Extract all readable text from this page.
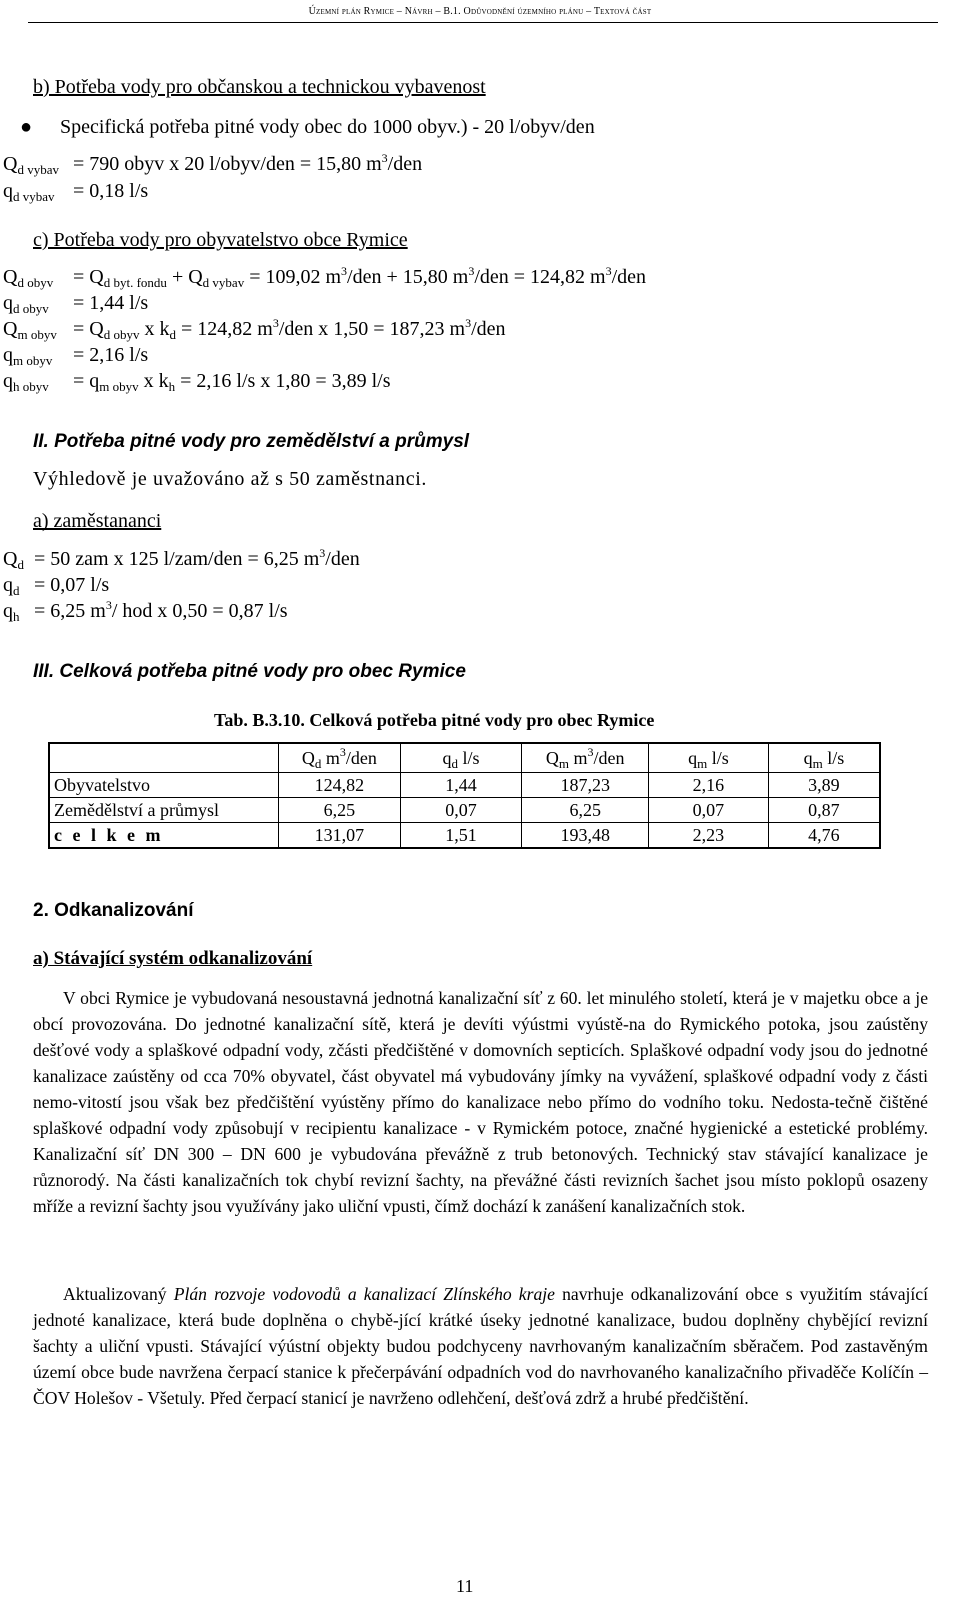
Územní plán Rymice – Návrh – B.1. Odůvodnění územního plánu – Textová část
b) Potřeba vody pro občanskou a technickou vybavenost
● Specifická potřeba pitné vody obec do 1000 obyv.) - 20 l/obyv/den
$Q_{d vybav} = 790$ obyv x 20 l/obyv/den = 15,80 $m^3$/den
$q_{d vybav} = 0,18$ l/s
c) Potřeba vody pro obyvatelstvo obce Rymice
$Q_{d obyv} = Q_{d byt. fondu} + Q_{d vybav} = 109,02$ $m^3$/den + 15,80 $m^3$/den = 124,82 $m^3$/den
$q_{d obyv} = 1,44$ l/s
$Q_{m obyv} = Q_{d obyv}$ x $k_d = 124,82$ $m^3$/den x 1,50 = 187,23 $m^3$/den
$q_{m obyv} = 2,16$ l/s
$q_{h obyv} = q_{m obyv}$ x $k_h = 2,16$ l/s x 1,80 = 3,89 l/s
II. Potřeba pitné vody pro zemědělství a průmysl
Výhledově je uvažováno až s 50 zaměstnanci.
a) zaměstananci
$Q_d = 50$ zam x 125 l/zam/den = 6,25 $m^3$/den
$q_d = 0,07$ l/s
$q_h = 6,25$ $m^3/$ hod x 0,50 = 0,87 l/s
III. Celková potřeba pitné vody pro obec Rymice
Tab. B.3.10. Celková potřeba pitné vody pro obec Rymice
	$Q_d$ $m^3$/den	$q_d$ l/s	$Q_m$ $m^3$/den	$q_m$ l/s	$q_m$ l/s
Obyvatelstvo	124,82	1,44	187,23	2,16	3,89
Zemědělství a průmysl	6,25	0,07	6,25	0,07	0,87
c e l k e m	131,07	1,51	193,48	2,23	4,76
2. Odkanalizování
a) Stávající systém odkanalizování
V obci Rymice je vybudovaná nesoustavná jednotná kanalizační síť z 60. let minulého století, která je v majetku obce a je obcí provozována. Do jednotné kanalizační sítě, která je devíti výústmi vyústě-na do Rymického potoka, jsou zaústěny dešťové vody a splaškové odpadní vody, zčásti předčištěné v domovních septicích. Splaškové odpadní vody jsou do jednotné kanalizace zaústěny od cca 70% obyvatel, část obyvatel má vybudovány jímky na vyvážení, splaškové odpadní vody z části nemo-vitostí jsou však bez předčištění vyústěny přímo do kanalizace nebo přímo do vodního toku. Nedosta-tečně čištěné splaškové odpadní vody způsobují v recipientu kanalizace - v Rymickém potoce, značné hygienické a estetické problémy. Kanalizační síť DN 300 – DN 600 je vybudována převážně z trub betonových. Technický stav stávající kanalizace je různorodý. Na části kanalizačních tok chybí revizní šachty, na převážné části revizních šachet jsou místo poklopů osazeny mříže a revizní šachty jsou využívány jako uliční vpusti, čímž dochází k zanášení kanalizačních stok.
Aktualizovaný Plán rozvoje vodovodů a kanalizací Zlínského kraje navrhuje odkanalizování obce s využitím stávající jednoté kanalizace, která bude doplněna o chybě-jící krátké úseky jednotné kanalizace, budou doplněny chybějící revizní šachty a uliční vpusti. Stávající výústní objekty budou podchyceny navrhovaným kanalizačním sběračem. Pod zastavěným území obce bude navržena čerpací stanice k přečerpávání odpadních vod do navrhovaného kanalizačního přivaděče Kolíčín – ČOV Holešov - Všetuly. Před čerpací stanicí je navrženo odlehčení, dešťová zdrž a hrubé předčištění.
11
